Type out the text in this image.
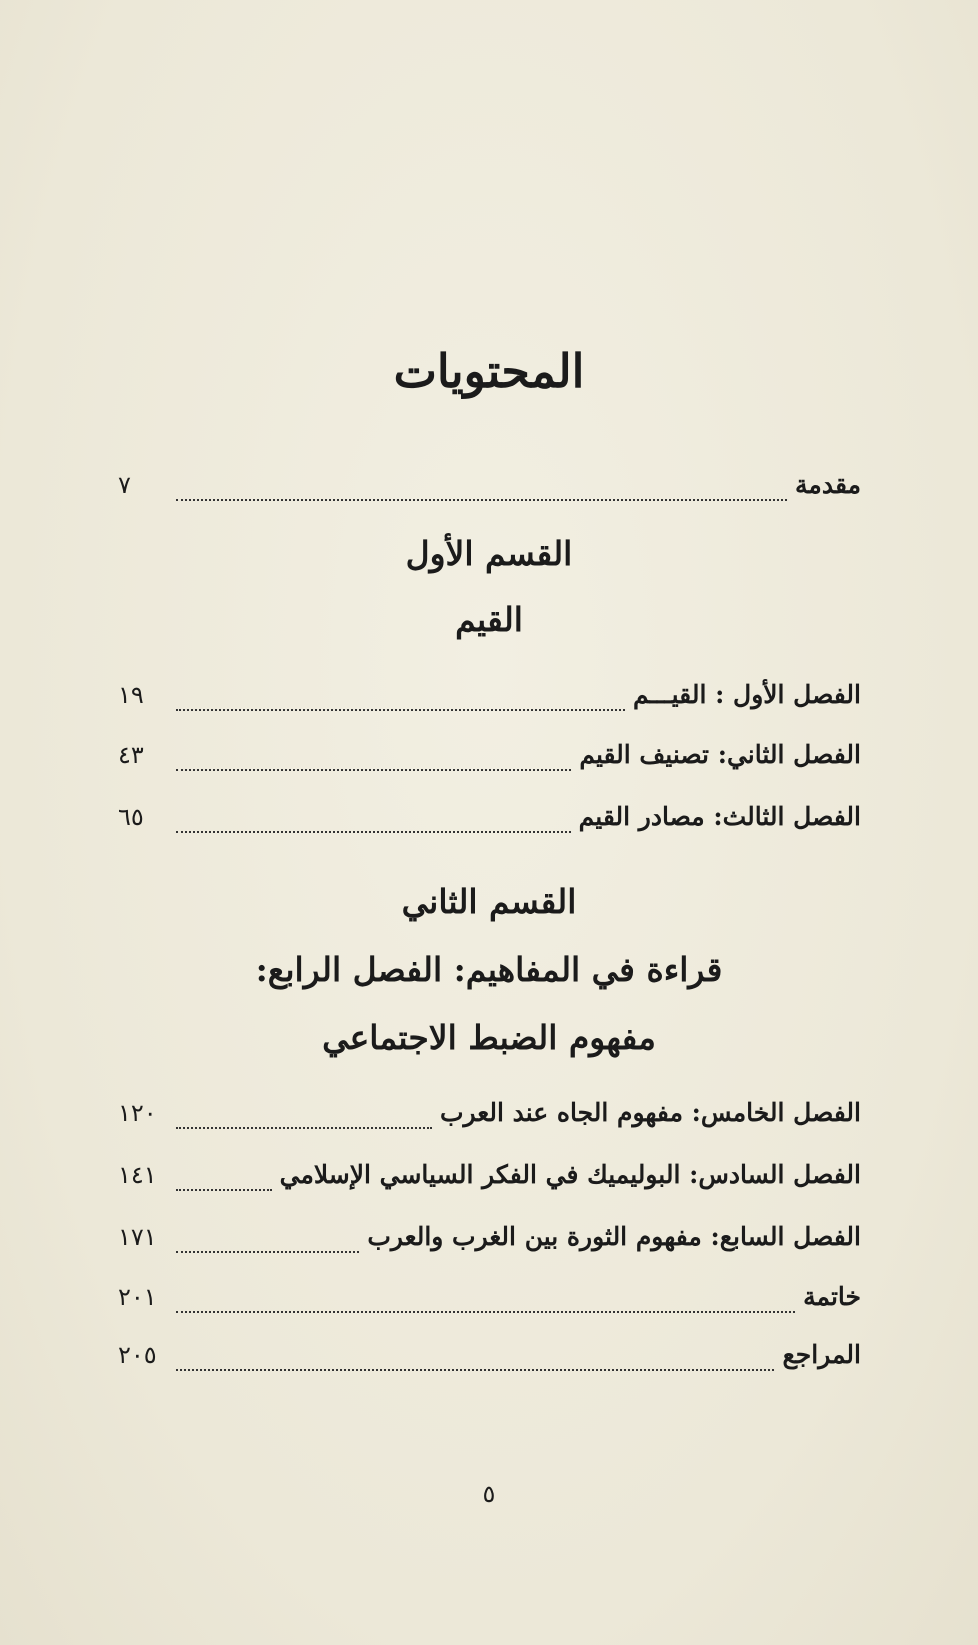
المحتويات
مقدمة
٧
القسم الأول
القيم
الفصل الأول : القيـــم
١٩
الفصل الثاني: تصنيف القيم
٤٣
الفصل الثالث: مصادر القيم
٦٥
القسم الثاني
قراءة في المفاهيم: الفصل الرابع:
مفهوم الضبط الاجتماعي
الفصل الخامس: مفهوم الجاه عند العرب
١٢٠
الفصل السادس: البوليميك في الفكر السياسي الإسلامي
١٤١
الفصل السابع: مفهوم الثورة بين الغرب والعرب
١٧١
خاتمة
٢٠١
المراجع
٢٠٥
٥
